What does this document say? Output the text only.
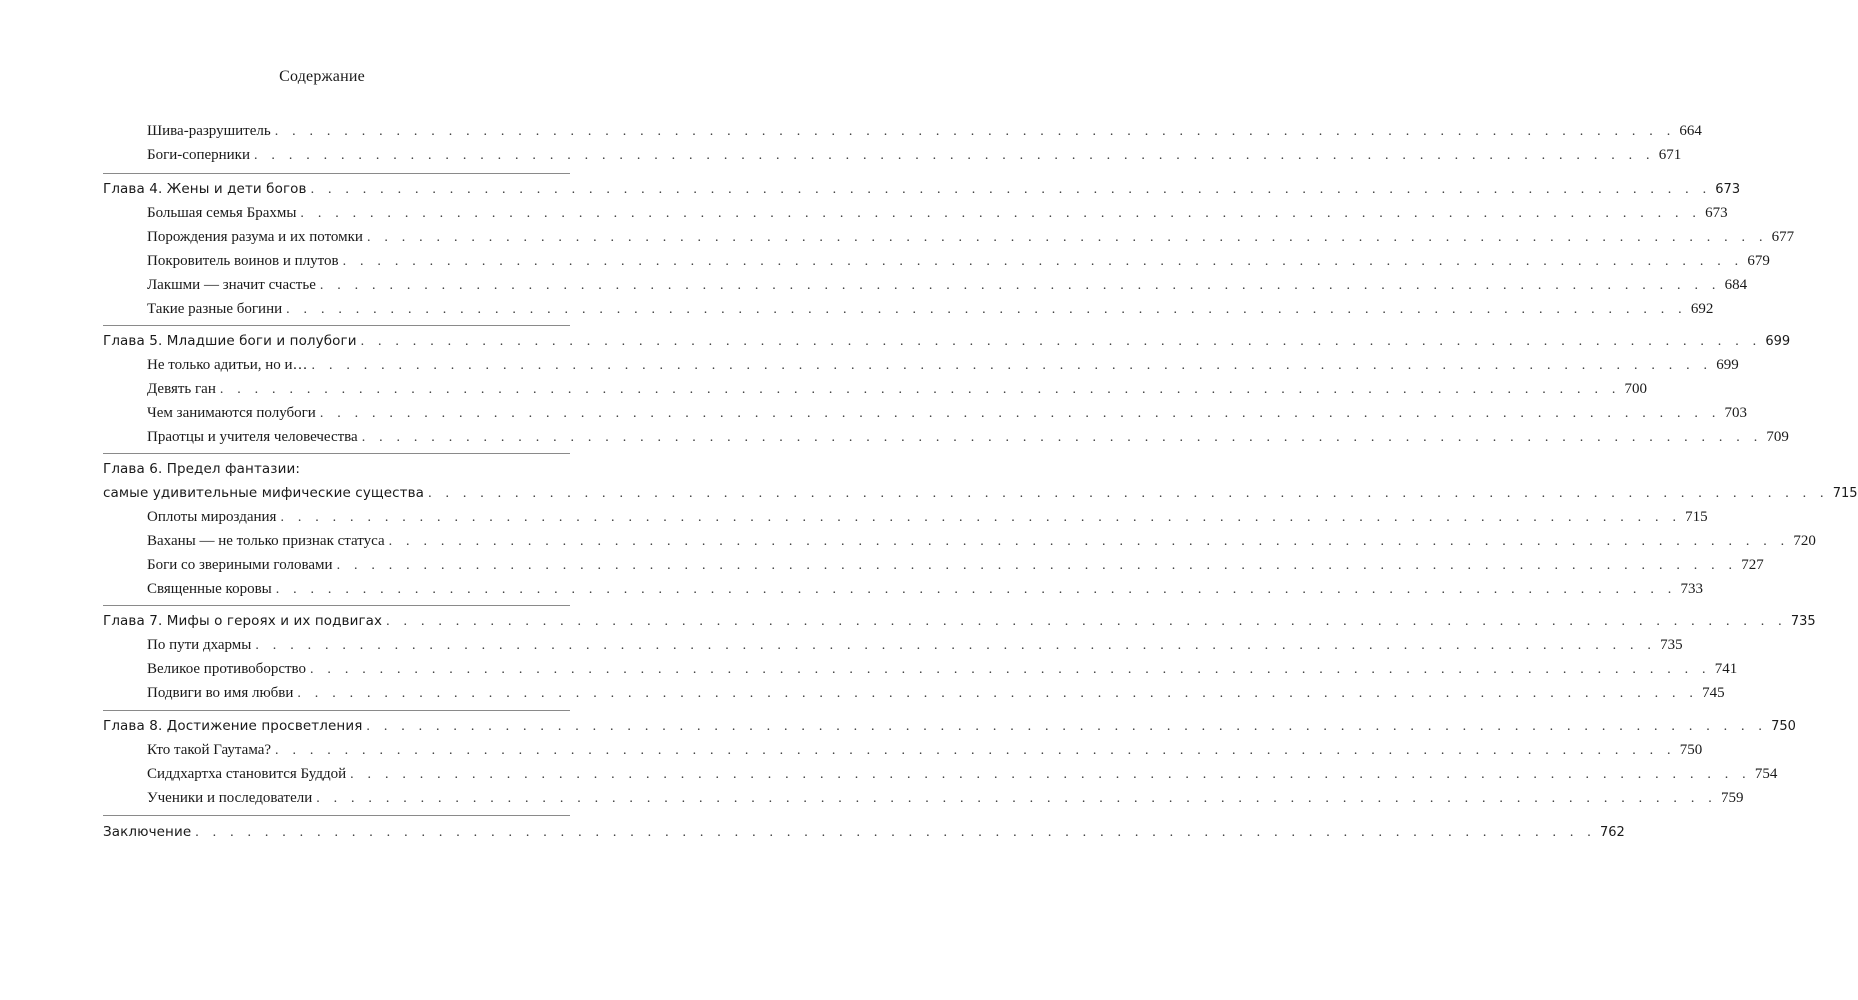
Содержание
Шива-разрушитель . . . . . . . . . . . . . . . . . . . . . . . . . . . . . . . . . . . . . . . . . . . . . . . . . . . . . . . . . . . . . . . . . . . . . . . . . . . . . . . . . 664
Боги-соперники . . . . . . . . . . . . . . . . . . . . . . . . . . . . . . . . . . . . . . . . . . . . . . . . . . . . . . . . . . . . . . . . . . . . . . . . . . . . . . . . . 671
Глава 4. Жены и дети богов . . . . . . . . . . . . . . . . . . . . . . . . . . . . . . . . . . . . . . . . . . . . . . . . . . . . . . . . . . . . . . . . . . . . . . . . . . . . . . . . . 673
Большая семья Брахмы . . . . . . . . . . . . . . . . . . . . . . . . . . . . . . . . . . . . . . . . . . . . . . . . . . . . . . . . . . . . . . . . . . . . . . . . . . . . . . . . . 673
Порождения разума и их потомки . . . . . . . . . . . . . . . . . . . . . . . . . . . . . . . . . . . . . . . . . . . . . . . . . . . . . . . . . . . . . . . . . . . . . . . . . . . . . . . . . 677
Покровитель воинов и плутов . . . . . . . . . . . . . . . . . . . . . . . . . . . . . . . . . . . . . . . . . . . . . . . . . . . . . . . . . . . . . . . . . . . . . . . . . . . . . . . . . 679
Лакшми — значит счастье . . . . . . . . . . . . . . . . . . . . . . . . . . . . . . . . . . . . . . . . . . . . . . . . . . . . . . . . . . . . . . . . . . . . . . . . . . . . . . . . . 684
Такие разные богини . . . . . . . . . . . . . . . . . . . . . . . . . . . . . . . . . . . . . . . . . . . . . . . . . . . . . . . . . . . . . . . . . . . . . . . . . . . . . . . . . 692
Глава 5. Младшие боги и полубоги . . . . . . . . . . . . . . . . . . . . . . . . . . . . . . . . . . . . . . . . . . . . . . . . . . . . . . . . . . . . . . . . . . . . . . . . . . . . . . . . . 699
Не только адитьи, но и… . . . . . . . . . . . . . . . . . . . . . . . . . . . . . . . . . . . . . . . . . . . . . . . . . . . . . . . . . . . . . . . . . . . . . . . . . . . . . . . . . 699
Девять ган . . . . . . . . . . . . . . . . . . . . . . . . . . . . . . . . . . . . . . . . . . . . . . . . . . . . . . . . . . . . . . . . . . . . . . . . . . . . . . . . . 700
Чем занимаются полубоги . . . . . . . . . . . . . . . . . . . . . . . . . . . . . . . . . . . . . . . . . . . . . . . . . . . . . . . . . . . . . . . . . . . . . . . . . . . . . . . . . 703
Праотцы и учителя человечества . . . . . . . . . . . . . . . . . . . . . . . . . . . . . . . . . . . . . . . . . . . . . . . . . . . . . . . . . . . . . . . . . . . . . . . . . . . . . . . . . 709
Глава 6. Предел фантазии:
самые удивительные мифические существа . . . . . . . . . . . . . . . . . . . . . . . . . . . . . . . . . . . . . . . . . . . . . . . . . . . . . . . . . . . . . . . . . . . . . . . . . . . . . . . . . 715
Оплоты мироздания . . . . . . . . . . . . . . . . . . . . . . . . . . . . . . . . . . . . . . . . . . . . . . . . . . . . . . . . . . . . . . . . . . . . . . . . . . . . . . . . . 715
Ваханы — не только признак статуса . . . . . . . . . . . . . . . . . . . . . . . . . . . . . . . . . . . . . . . . . . . . . . . . . . . . . . . . . . . . . . . . . . . . . . . . . . . . . . . . . 720
Боги со звериными головами . . . . . . . . . . . . . . . . . . . . . . . . . . . . . . . . . . . . . . . . . . . . . . . . . . . . . . . . . . . . . . . . . . . . . . . . . . . . . . . . . 727
Священные коровы . . . . . . . . . . . . . . . . . . . . . . . . . . . . . . . . . . . . . . . . . . . . . . . . . . . . . . . . . . . . . . . . . . . . . . . . . . . . . . . . . 733
Глава 7. Мифы о героях и их подвигах . . . . . . . . . . . . . . . . . . . . . . . . . . . . . . . . . . . . . . . . . . . . . . . . . . . . . . . . . . . . . . . . . . . . . . . . . . . . . . . . . 735
По пути дхармы . . . . . . . . . . . . . . . . . . . . . . . . . . . . . . . . . . . . . . . . . . . . . . . . . . . . . . . . . . . . . . . . . . . . . . . . . . . . . . . . . 735
Великое противоборство . . . . . . . . . . . . . . . . . . . . . . . . . . . . . . . . . . . . . . . . . . . . . . . . . . . . . . . . . . . . . . . . . . . . . . . . . . . . . . . . . 741
Подвиги во имя любви . . . . . . . . . . . . . . . . . . . . . . . . . . . . . . . . . . . . . . . . . . . . . . . . . . . . . . . . . . . . . . . . . . . . . . . . . . . . . . . . . 745
Глава 8. Достижение просветления . . . . . . . . . . . . . . . . . . . . . . . . . . . . . . . . . . . . . . . . . . . . . . . . . . . . . . . . . . . . . . . . . . . . . . . . . . . . . . . . . 750
Кто такой Гаутама? . . . . . . . . . . . . . . . . . . . . . . . . . . . . . . . . . . . . . . . . . . . . . . . . . . . . . . . . . . . . . . . . . . . . . . . . . . . . . . . . . 750
Сиддхартха становится Буддой . . . . . . . . . . . . . . . . . . . . . . . . . . . . . . . . . . . . . . . . . . . . . . . . . . . . . . . . . . . . . . . . . . . . . . . . . . . . . . . . . 754
Ученики и последователи . . . . . . . . . . . . . . . . . . . . . . . . . . . . . . . . . . . . . . . . . . . . . . . . . . . . . . . . . . . . . . . . . . . . . . . . . . . . . . . . . 759
Заключение . . . . . . . . . . . . . . . . . . . . . . . . . . . . . . . . . . . . . . . . . . . . . . . . . . . . . . . . . . . . . . . . . . . . . . . . . . . . . . . . . 762
